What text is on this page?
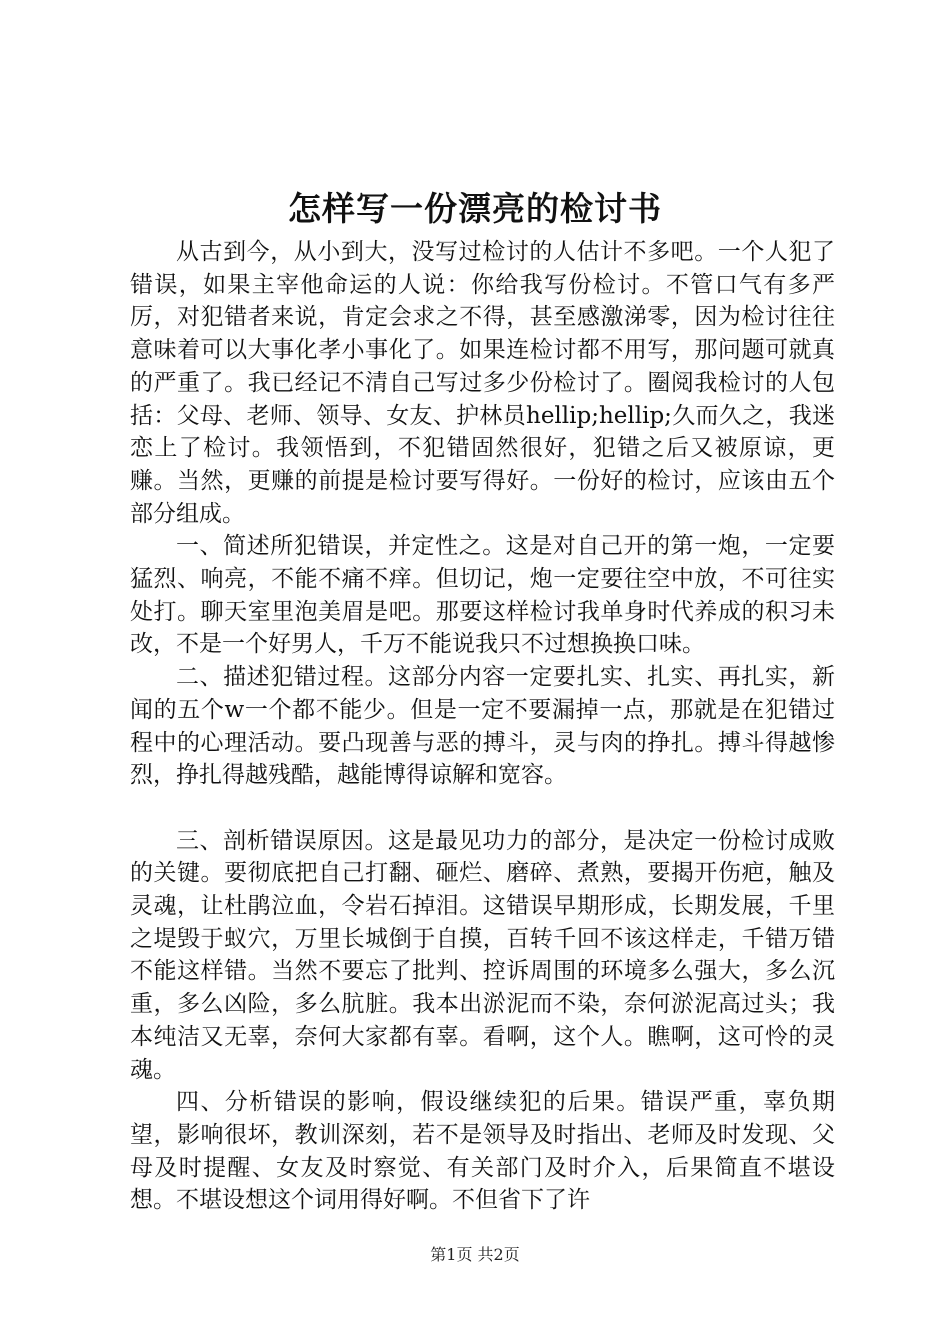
怎样写一份漂亮的检讨书

从古到今，从小到大，没写过检讨的人估计不多吧。一个人犯了错误，如果主宰他命运的人说：你给我写份检讨。不管口气有多严厉，对犯错者来说，肯定会求之不得，甚至感激涕零，因为检讨往往意味着可以大事化孝小事化了。如果连检讨都不用写，那问题可就真的严重了。我已经记不清自己写过多少份检讨了。圈阅我检讨的人包括：父母、老师、领导、女友、护林员hellip;hellip;久而久之，我迷恋上了检讨。我领悟到，不犯错固然很好，犯错之后又被原谅，更赚。当然，更赚的前提是检讨要写得好。一份好的检讨，应该由五个部分组成。

一、简述所犯错误，并定性之。这是对自己开的第一炮，一定要猛烈、响亮，不能不痛不痒。但切记，炮一定要往空中放，不可往实处打。聊天室里泡美眉是吧。那要这样检讨我单身时代养成的积习未改，不是一个好男人，千万不能说我只不过想换换口味。

二、描述犯错过程。这部分内容一定要扎实、扎实、再扎实，新闻的五个w一个都不能少。但是一定不要漏掉一点，那就是在犯错过程中的心理活动。要凸现善与恶的搏斗，灵与肉的挣扎。搏斗得越惨烈，挣扎得越残酷，越能博得谅解和宽容。

三、剖析错误原因。这是最见功力的部分，是决定一份检讨成败的关键。要彻底把自己打翻、砸烂、磨碎、煮熟，要揭开伤疤，触及灵魂，让杜鹃泣血，令岩石掉泪。这错误早期形成，长期发展，千里之堤毁于蚁穴，万里长城倒于自摸，百转千回不该这样走，千错万错不能这样错。当然不要忘了批判、控诉周围的环境多么强大，多么沉重，多么凶险，多么肮脏。我本出淤泥而不染，奈何淤泥高过头；我本纯洁又无辜，奈何大家都有辜。看啊，这个人。瞧啊，这可怜的灵魂。

四、分析错误的影响，假设继续犯的后果。错误严重，辜负期望，影响很坏，教训深刻，若不是领导及时指出、老师及时发现、父母及时提醒、女友及时察觉、有关部门及时介入，后果简直不堪设想。不堪设想这个词用得好啊。不但省下了许

第1页 共2页
